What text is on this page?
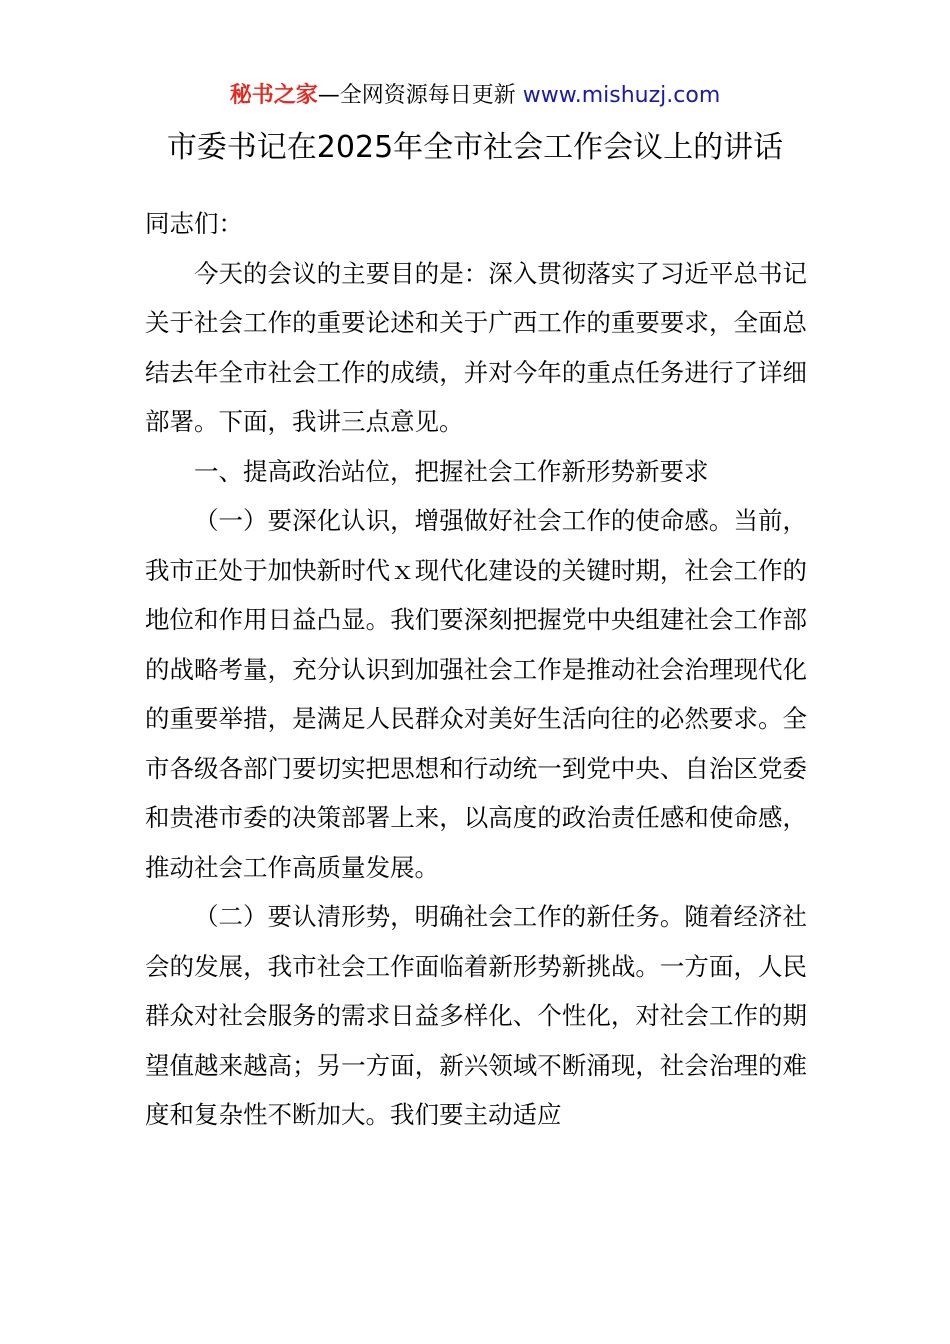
秘书之家—全网资源每日更新 www.mishuzj.com
市委书记在2025年全市社会工作会议上的讲话

同志们：

今天的会议的主要目的是：深入贯彻落实了习近平总书记关于社会工作的重要论述和关于广西工作的重要要求，全面总结去年全市社会工作的成绩，并对今年的重点任务进行了详细部署。下面，我讲三点意见。

一、提高政治站位，把握社会工作新形势新要求

（一）要深化认识，增强做好社会工作的使命感。当前，我市正处于加快新时代ｘ现代化建设的关键时期，社会工作的地位和作用日益凸显。我们要深刻把握党中央组建社会工作部的战略考量，充分认识到加强社会工作是推动社会治理现代化的重要举措，是满足人民群众对美好生活向往的必然要求。全市各级各部门要切实把思想和行动统一到党中央、自治区党委和贵港市委的决策部署上来，以高度的政治责任感和使命感，推动社会工作高质量发展。

（二）要认清形势，明确社会工作的新任务。随着经济社会的发展，我市社会工作面临着新形势新挑战。一方面，人民群众对社会服务的需求日益多样化、个性化，对社会工作的期望值越来越高；另一方面，新兴领域不断涌现，社会治理的难度和复杂性不断加大。我们要主动适应
